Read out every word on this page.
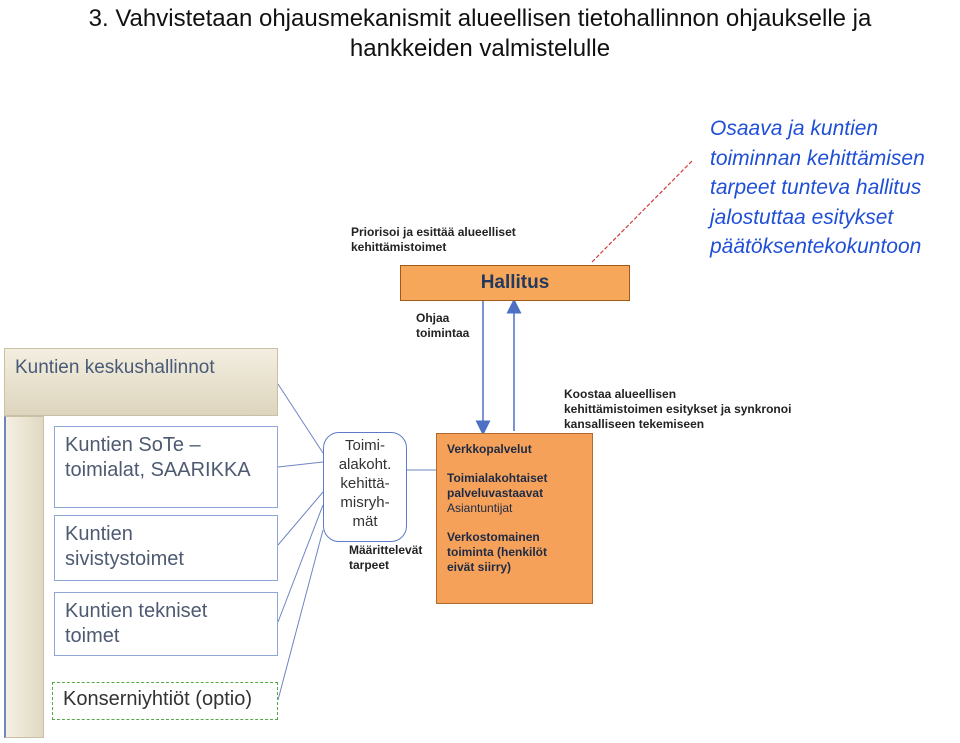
3. Vahvistetaan ohjausmekanismit alueellisen tietohallinnon ohjaukselle ja
hankkeiden valmistelulle
Osaava ja kuntien
toiminnan kehittämisen
tarpeet tunteva hallitus
jalostuttaa esitykset
päätöksentekokuntoon
Priorisoi ja esittää alueelliset
kehittämistoimet
Hallitus
Ohjaa
toimintaa
Koostaa alueellisen
kehittämistoimen esitykset ja synkronoi
kansalliseen tekemiseen
Kuntien keskushallinnot
Kuntien SoTe –
toimialat, SAARIKKA
Kuntien
sivistystoimet
Kuntien tekniset
toimet
Konserniyhtiöt (optio)
Toimi-
alakoht.
kehittä-
misryh-
mät
Määrittelevät
tarpeet
Verkkopalvelut
Toimialakohtaiset
palveluvastaavat
Asiantuntijat
Verkostomainen
toiminta (henkilöt
eivät siirry)
